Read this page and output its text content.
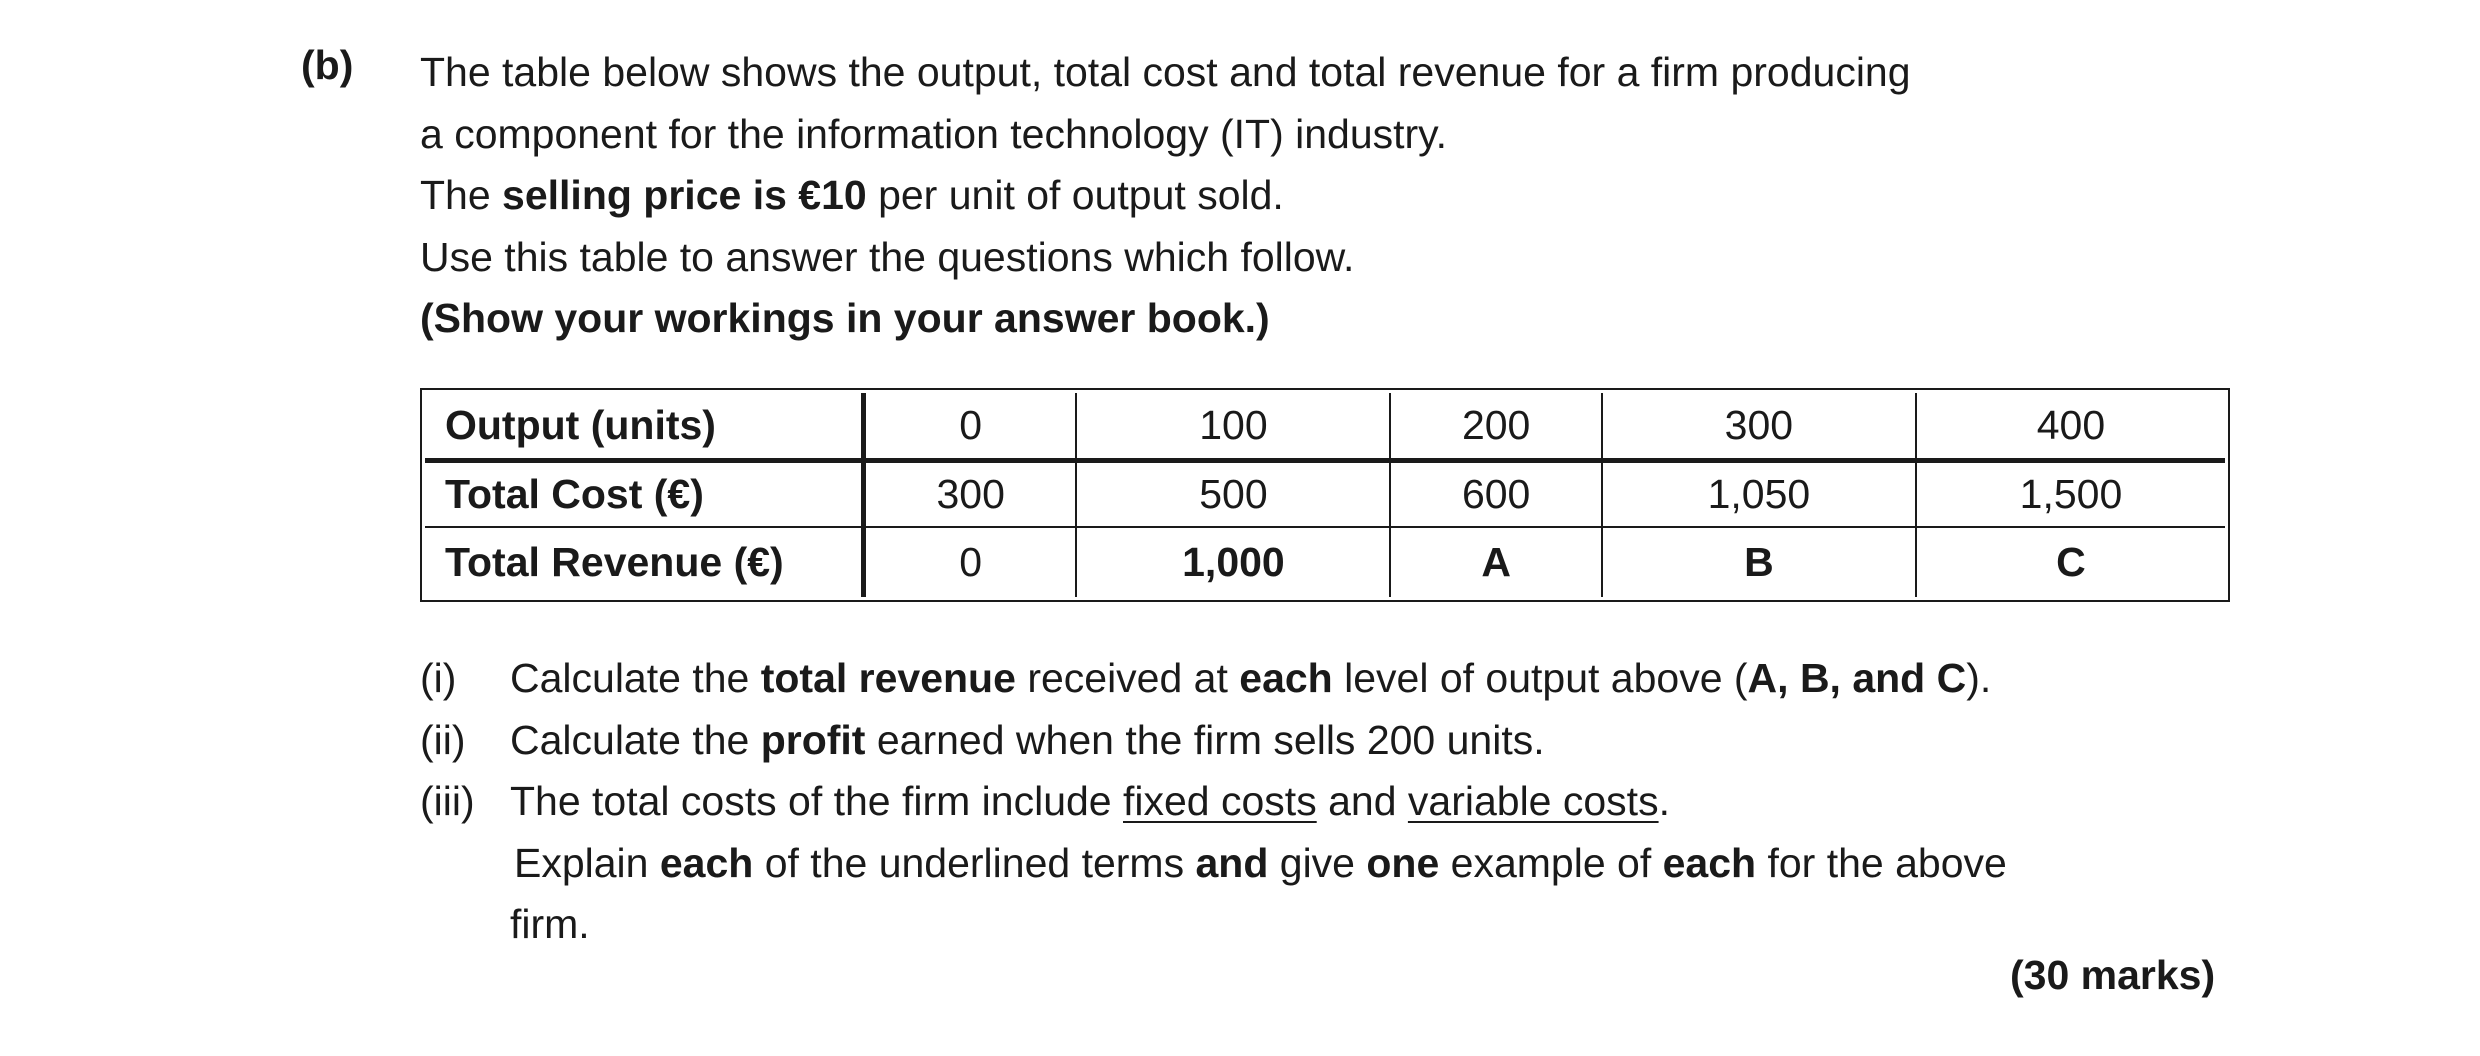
(b) The table below shows the output, total cost and total revenue for a firm producing
a component for the information technology (IT) industry.
The selling price is €10 per unit of output sold.
Use this table to answer the questions which follow.
(Show your workings in your answer book.)
Output (units)	0	100	200	300	400
Total Cost (€)	300	500	600	1,050	1,500
Total Revenue (€)	0	1,000	A	B	C
(i) Calculate the total revenue received at each level of output above (A, B, and C).
(ii) Calculate the profit earned when the firm sells 200 units.
(iii) The total costs of the firm include fixed costs and variable costs.
Explain each of the underlined terms and give one example of each for the above
firm.
(30 marks)
